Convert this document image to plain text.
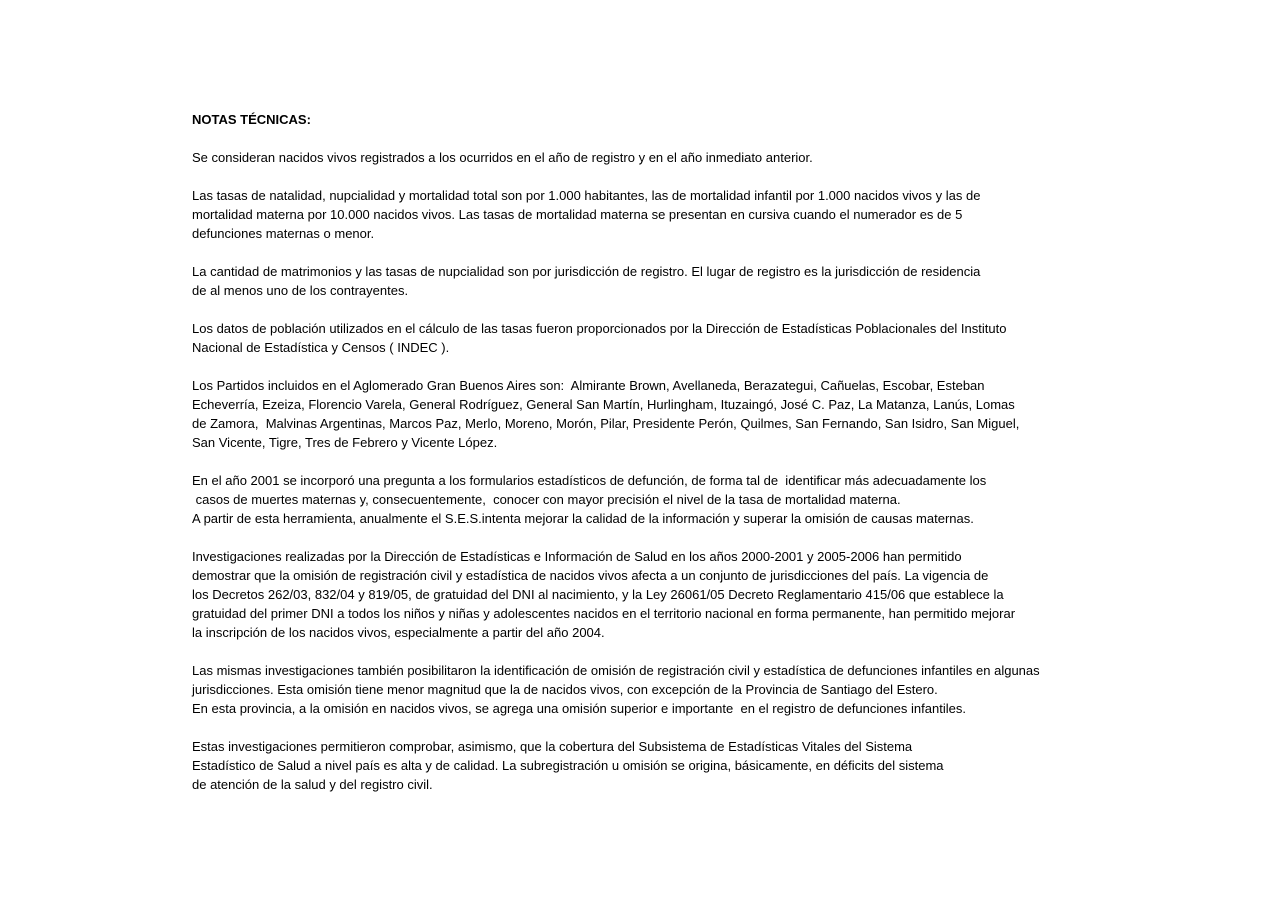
NOTAS TÉCNICAS:
Se consideran nacidos vivos registrados a los ocurridos en el año de registro y en el año inmediato anterior.
Las tasas de natalidad, nupcialidad y mortalidad total son por 1.000 habitantes, las de mortalidad infantil por 1.000 nacidos vivos y las de
mortalidad materna por 10.000 nacidos vivos. Las tasas de mortalidad materna se presentan en cursiva cuando el numerador es de 5
defunciones maternas o menor.
La cantidad de matrimonios y las tasas de nupcialidad son por jurisdicción de registro. El lugar de registro es la jurisdicción de residencia
de al menos uno de los contrayentes.
Los datos de población utilizados en el cálculo de las tasas fueron proporcionados por la Dirección de Estadísticas Poblacionales del Instituto
Nacional de Estadística y Censos ( INDEC ).
Los Partidos incluidos en el Aglomerado Gran Buenos Aires son:  Almirante Brown, Avellaneda, Berazategui, Cañuelas, Escobar, Esteban
Echeverría, Ezeiza, Florencio Varela, General Rodríguez, General San Martín, Hurlingham, Ituzaingó, José C. Paz, La Matanza, Lanús, Lomas
de Zamora,  Malvinas Argentinas, Marcos Paz, Merlo, Moreno, Morón, Pilar, Presidente Perón, Quilmes, San Fernando, San Isidro, San Miguel,
San Vicente, Tigre, Tres de Febrero y Vicente López.
En el año 2001 se incorporó una pregunta a los formularios estadísticos de defunción, de forma tal de  identificar más adecuadamente los
casos de muertes maternas y, consecuentemente,  conocer con mayor precisión el nivel de la tasa de mortalidad materna.
A partir de esta herramienta, anualmente el S.E.S.intenta mejorar la calidad de la información y superar la omisión de causas maternas.
Investigaciones realizadas por la Dirección de Estadísticas e Información de Salud en los años 2000-2001 y 2005-2006 han permitido
demostrar que la omisión de registración civil y estadística de nacidos vivos afecta a un conjunto de jurisdicciones del país. La vigencia de
los Decretos 262/03, 832/04 y 819/05, de gratuidad del DNI al nacimiento, y la Ley 26061/05 Decreto Reglamentario 415/06 que establece la
gratuidad del primer DNI a todos los niños y niñas y adolescentes nacidos en el territorio nacional en forma permanente, han permitido mejorar
la inscripción de los nacidos vivos, especialmente a partir del año 2004.
Las mismas investigaciones también posibilitaron la identificación de omisión de registración civil y estadística de defunciones infantiles en algunas
jurisdicciones. Esta omisión tiene menor magnitud que la de nacidos vivos, con excepción de la Provincia de Santiago del Estero.
En esta provincia, a la omisión en nacidos vivos, se agrega una omisión superior e importante  en el registro de defunciones infantiles.
Estas investigaciones permitieron comprobar, asimismo, que la cobertura del Subsistema de Estadísticas Vitales del Sistema
Estadístico de Salud a nivel país es alta y de calidad. La subregistración u omisión se origina, básicamente, en déficits del sistema
de atención de la salud y del registro civil.
